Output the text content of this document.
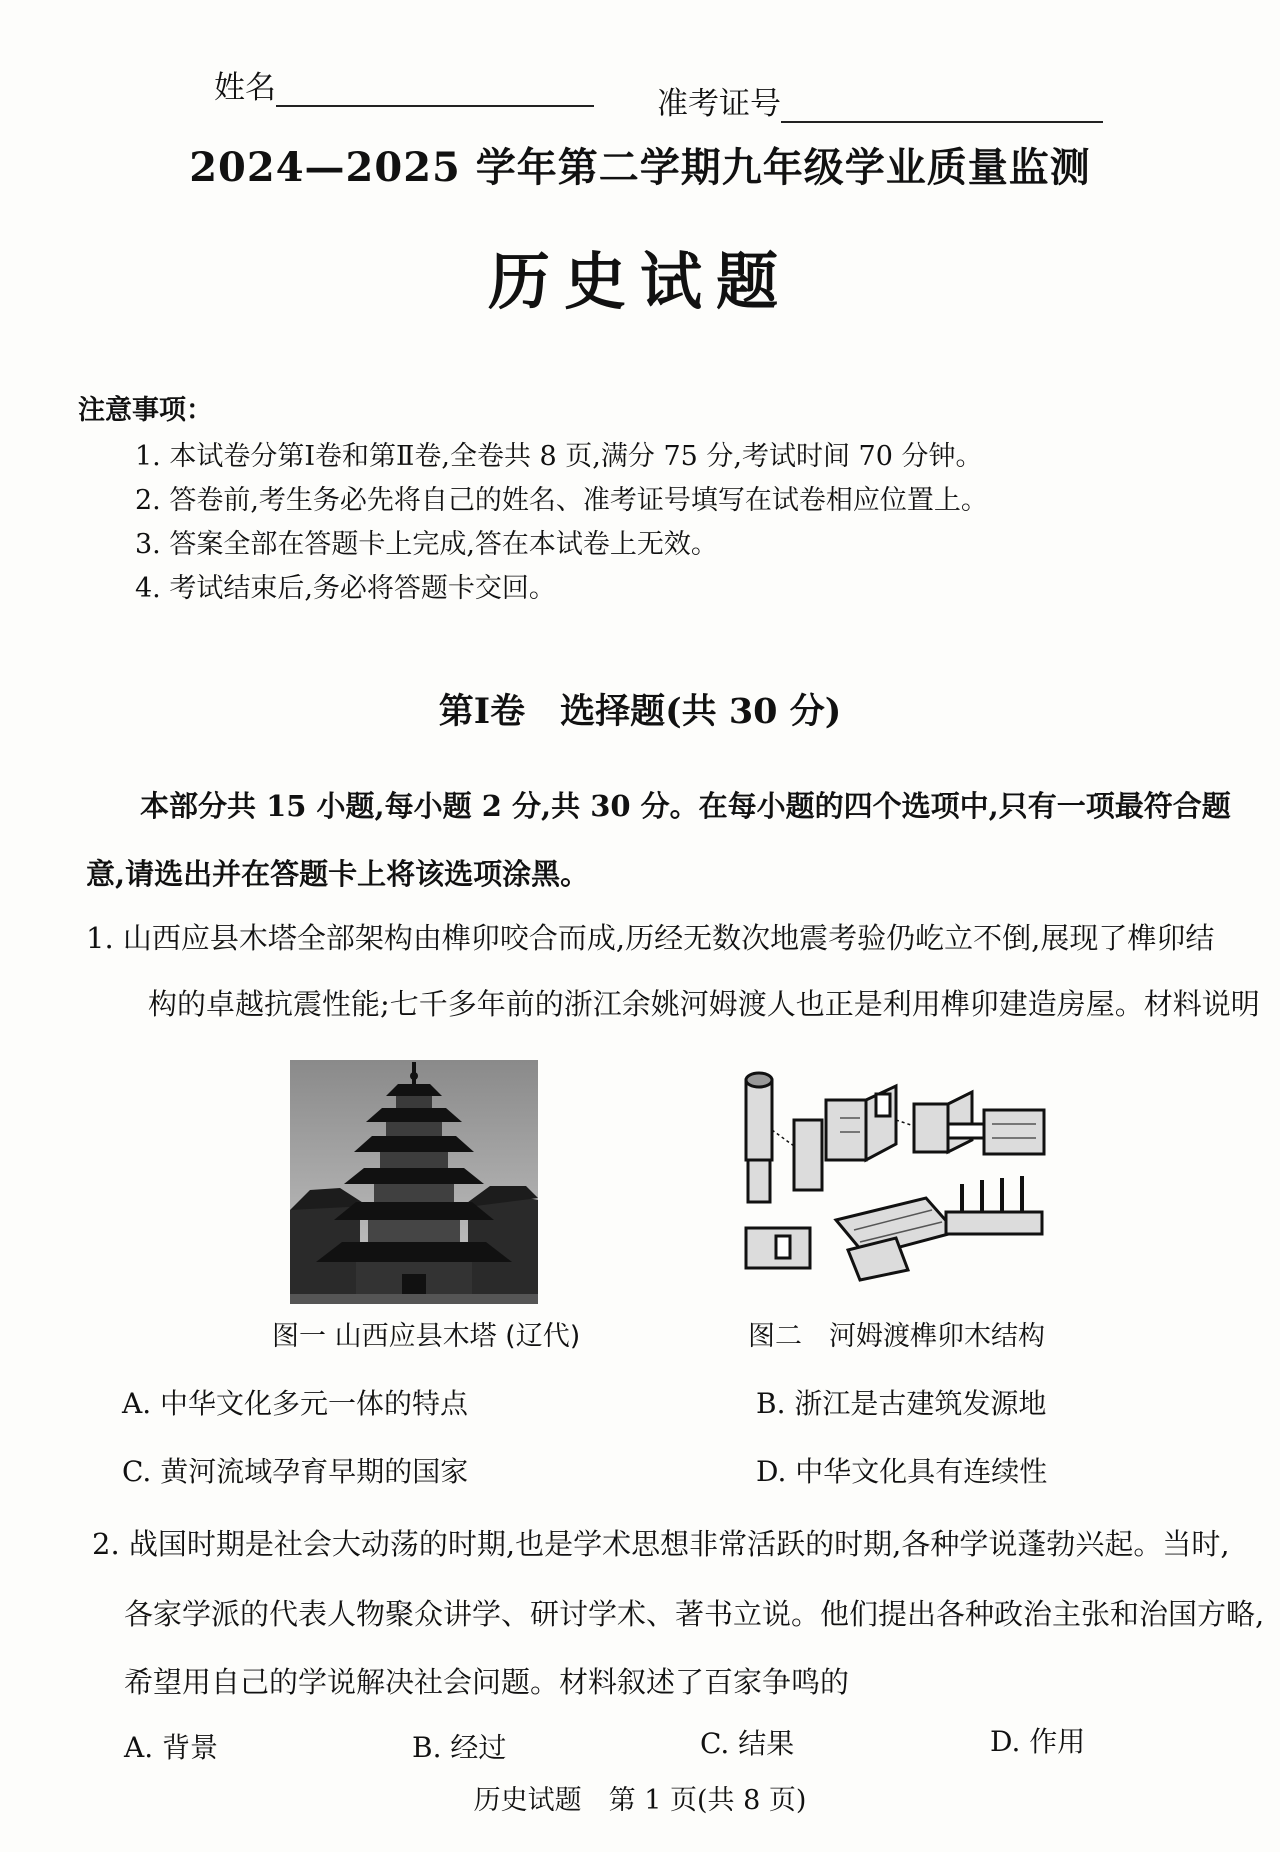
姓名	准考证号
2024—2025 学年第二学期九年级学业质量监测
历史试题
注意事项：
1. 本试卷分第Ⅰ卷和第Ⅱ卷,全卷共 8 页,满分 75 分,考试时间 70 分钟。
2. 答卷前,考生务必先将自己的姓名、准考证号填写在试卷相应位置上。
3. 答案全部在答题卡上完成,答在本试卷上无效。
4. 考试结束后,务必将答题卡交回。
第Ⅰ卷　选择题(共 30 分)
本部分共 15 小题,每小题 2 分,共 30 分。在每小题的四个选项中,只有一项最符合题
意,请选出并在答题卡上将该选项涂黑。
1. 山西应县木塔全部架构由榫卯咬合而成,历经无数次地震考验仍屹立不倒,展现了榫卯结
构的卓越抗震性能;七千多年前的浙江余姚河姆渡人也正是利用榫卯建造房屋。材料说明
图一 山西应县木塔 (辽代)	图二　河姆渡榫卯木结构
A. 中华文化多元一体的特点	B. 浙江是古建筑发源地
C. 黄河流域孕育早期的国家	D. 中华文化具有连续性
2. 战国时期是社会大动荡的时期,也是学术思想非常活跃的时期,各种学说蓬勃兴起。当时,
各家学派的代表人物聚众讲学、研讨学术、著书立说。他们提出各种政治主张和治国方略,
希望用自己的学说解决社会问题。材料叙述了百家争鸣的
A. 背景	B. 经过	C. 结果	D. 作用
历史试题　第 1 页(共 8 页)
